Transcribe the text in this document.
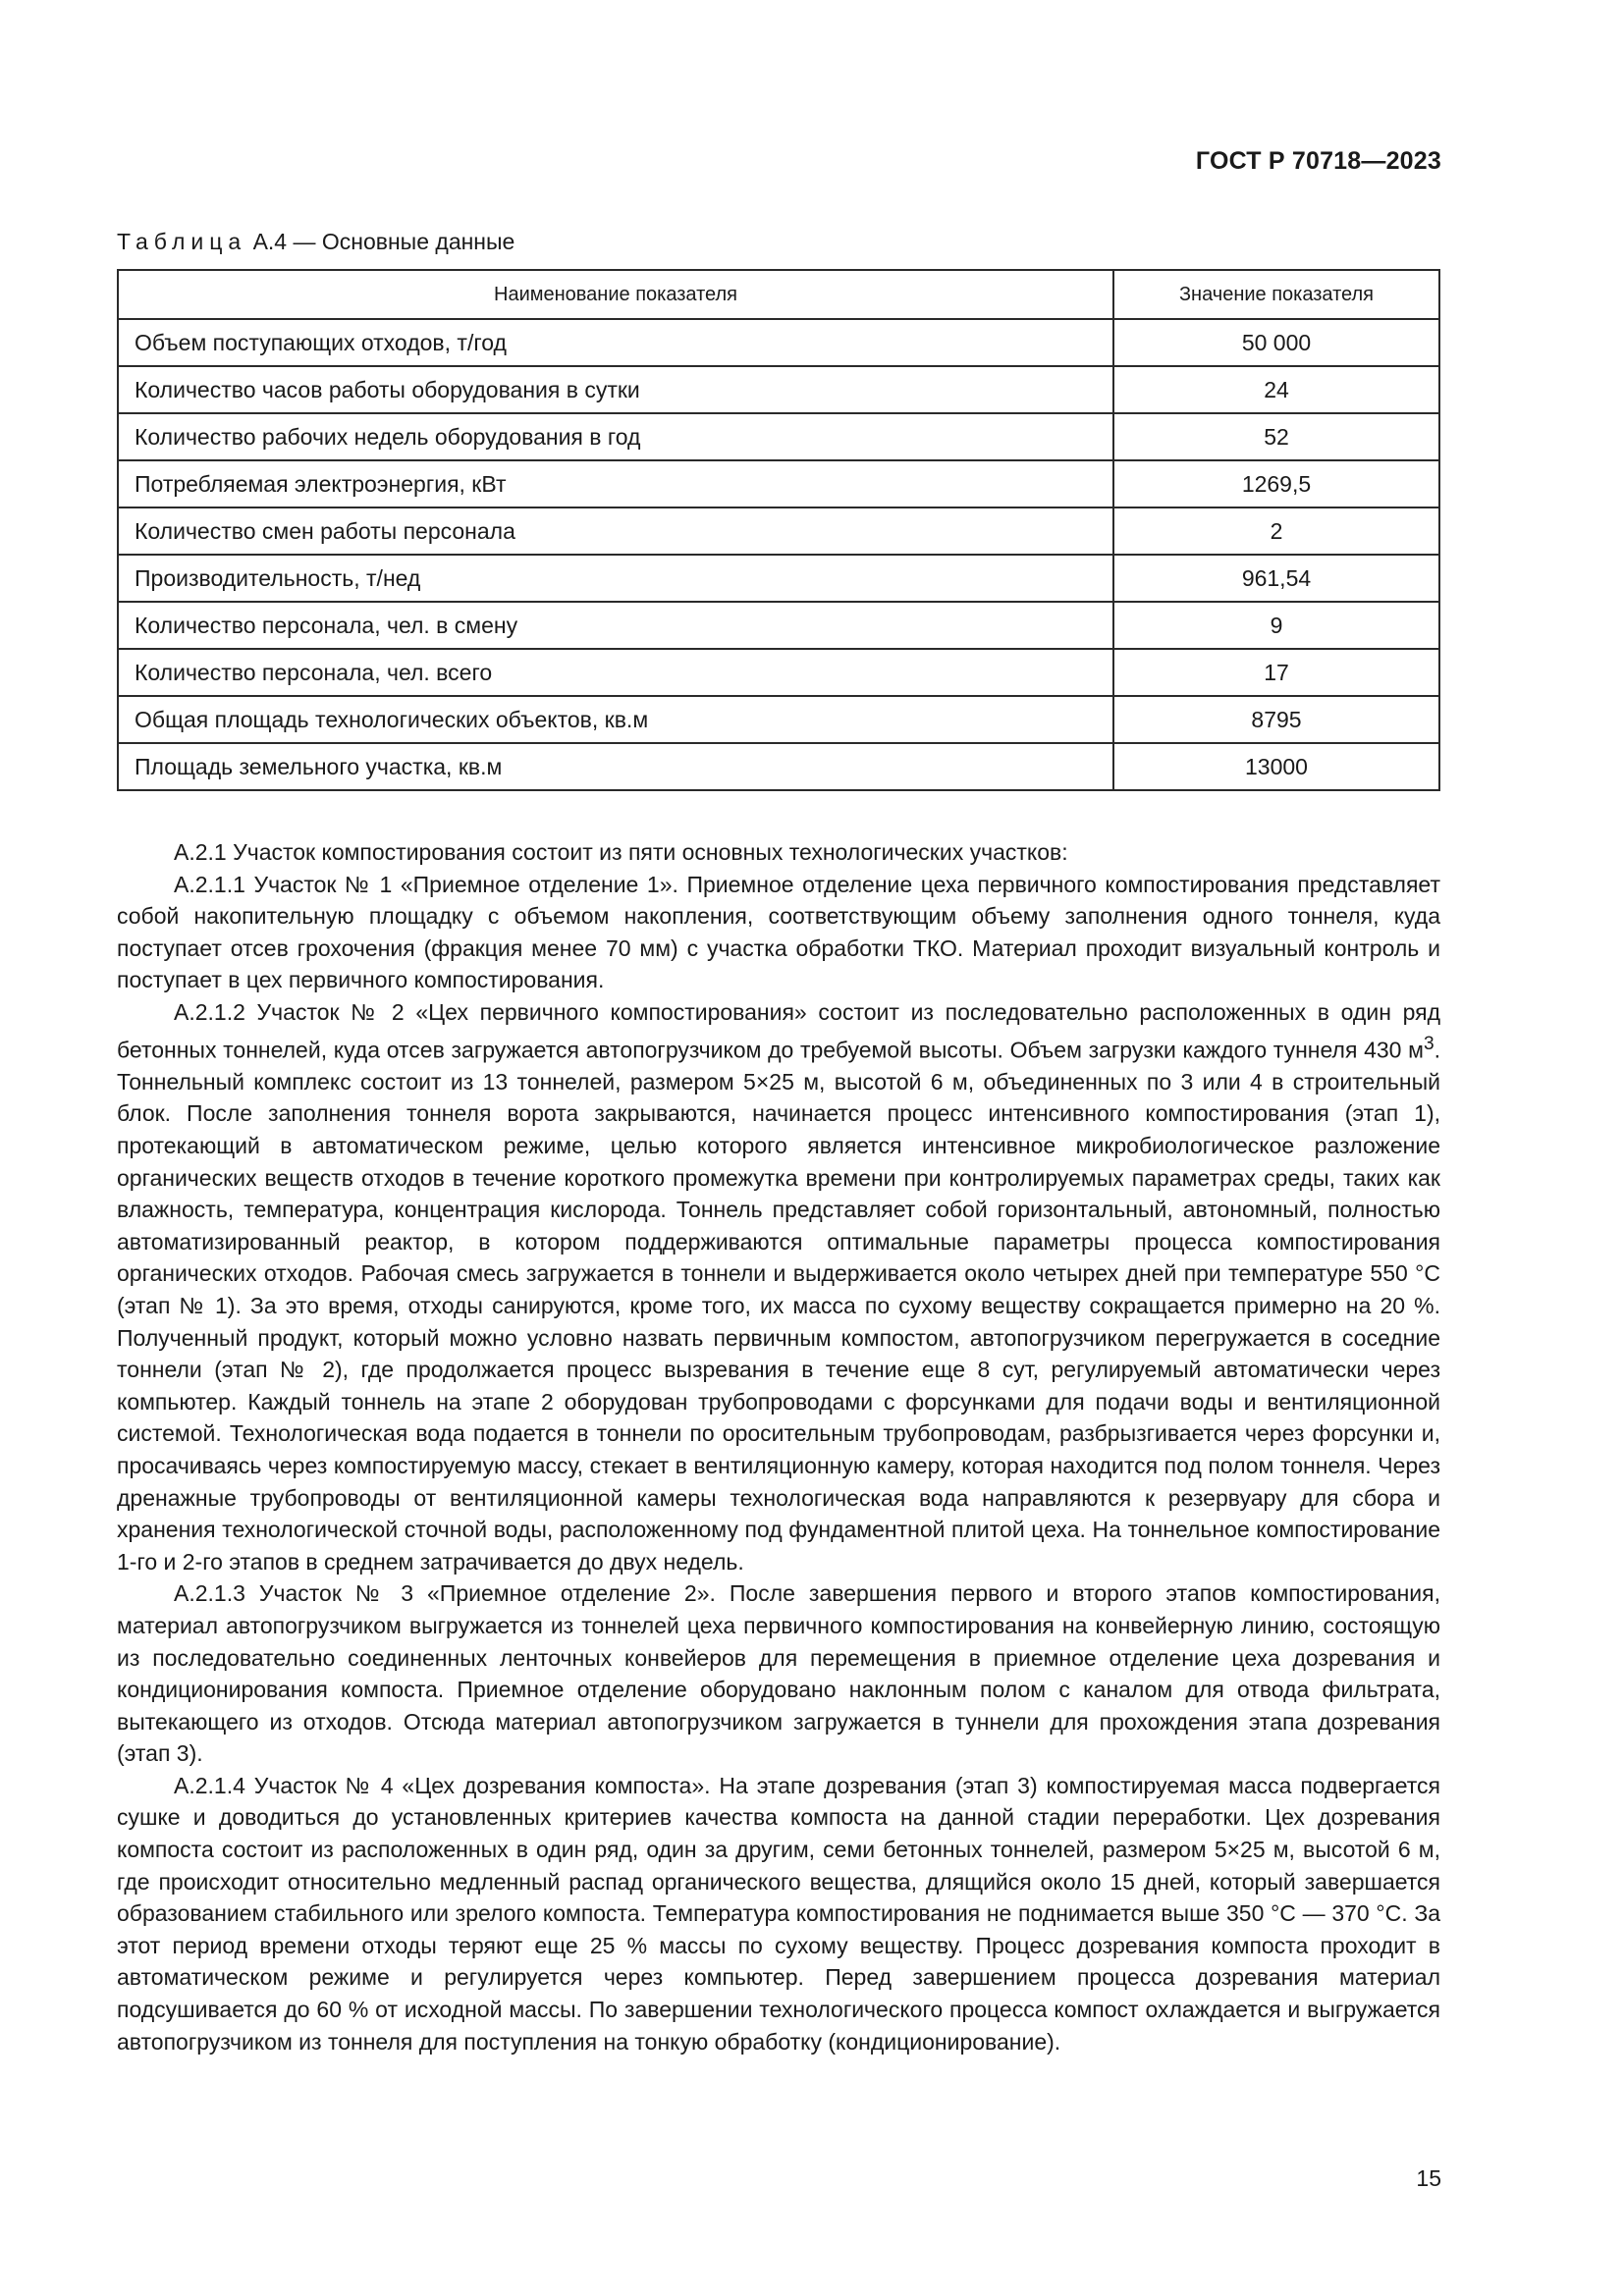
ГОСТ Р 70718—2023
Таблица А.4 — Основные данные
Наименование показателя	Значение показателя
Объем поступающих отходов, т/год	50 000
Количество часов работы оборудования в сутки	24
Количество рабочих недель оборудования в год	52
Потребляемая электроэнергия, кВт	1269,5
Количество смен работы персонала	2
Производительность, т/нед	961,54
Количество персонала, чел. в смену	9
Количество персонала, чел. всего	17
Общая площадь технологических объектов, кв.м	8795
Площадь земельного участка, кв.м	13000

А.2.1 Участок компостирования состоит из пяти основных технологических участков:

А.2.1.1 Участок № 1 «Приемное отделение 1». Приемное отделение цеха первичного компостирования представляет собой накопительную площадку с объемом накопления, соответствующим объему заполнения одного тоннеля, куда поступает отсев грохочения (фракция менее 70 мм) с участка обработки ТКО. Материал проходит визуальный контроль и поступает в цех первичного компостирования.

А.2.1.2 Участок № 2 «Цех первичного компостирования» состоит из последовательно расположенных в один ряд бетонных тоннелей, куда отсев загружается автопогрузчиком до требуемой высоты. Объем загрузки каждого туннеля 430 $м^3$. Тоннельный комплекс состоит из 13 тоннелей, размером 5×25 м, высотой 6 м, объединенных по 3 или 4 в строительный блок. После заполнения тоннеля ворота закрываются, начинается процесс интенсивного компостирования (этап 1), протекающий в автоматическом режиме, целью которого является интенсивное микробиологическое разложение органических веществ отходов в течение короткого промежутка времени при контролируемых параметрах среды, таких как влажность, температура, концентрация кислорода. Тоннель представляет собой горизонтальный, автономный, полностью автоматизированный реактор, в котором поддерживаются оптимальные параметры процесса компостирования органических отходов. Рабочая смесь загружается в тоннели и выдерживается около четырех дней при температуре 550 °С (этап № 1). За это время, отходы санируются, кроме того, их масса по сухому веществу сокращается примерно на 20 %. Полученный продукт, который можно условно назвать первичным компостом, автопогрузчиком перегружается в соседние тоннели (этап № 2), где продолжается процесс вызревания в течение еще 8 сут, регулируемый автоматически через компьютер. Каждый тоннель на этапе 2 оборудован трубопроводами с форсунками для подачи воды и вентиляционной системой. Технологическая вода подается в тоннели по оросительным трубопроводам, разбрызгивается через форсунки и, просачиваясь через компостируемую массу, стекает в вентиляционную камеру, которая находится под полом тоннеля. Через дренажные трубопроводы от вентиляционной камеры технологическая вода направляются к резервуару для сбора и хранения технологической сточной воды, расположенному под фундаментной плитой цеха. На тоннельное компостирование 1-го и 2-го этапов в среднем затрачивается до двух недель.

А.2.1.3 Участок № 3 «Приемное отделение 2». После завершения первого и второго этапов компостирования, материал автопогрузчиком выгружается из тоннелей цеха первичного компостирования на конвейерную линию, состоящую из последовательно соединенных ленточных конвейеров для перемещения в приемное отделение цеха дозревания и кондиционирования компоста. Приемное отделение оборудовано наклонным полом с каналом для отвода фильтрата, вытекающего из отходов. Отсюда материал автопогрузчиком загружается в туннели для прохождения этапа дозревания (этап 3).

А.2.1.4 Участок № 4 «Цех дозревания компоста». На этапе дозревания (этап 3) компостируемая масса подвергается сушке и доводиться до установленных критериев качества компоста на данной стадии переработки. Цех дозревания компоста состоит из расположенных в один ряд, один за другим, семи бетонных тоннелей, размером 5×25 м, высотой 6 м, где происходит относительно медленный распад органического вещества, длящийся около 15 дней, который завершается образованием стабильного или зрелого компоста. Температура компостирования не поднимается выше 350 °С — 370 °С. За этот период времени отходы теряют еще 25 % массы по сухому веществу. Процесс дозревания компоста проходит в автоматическом режиме и регулируется через компьютер. Перед завершением процесса дозревания материал подсушивается до 60 % от исходной массы. По завершении технологического процесса компост охлаждается и выгружается автопогрузчиком из тоннеля для поступления на тонкую обработку (кондиционирование).

15
